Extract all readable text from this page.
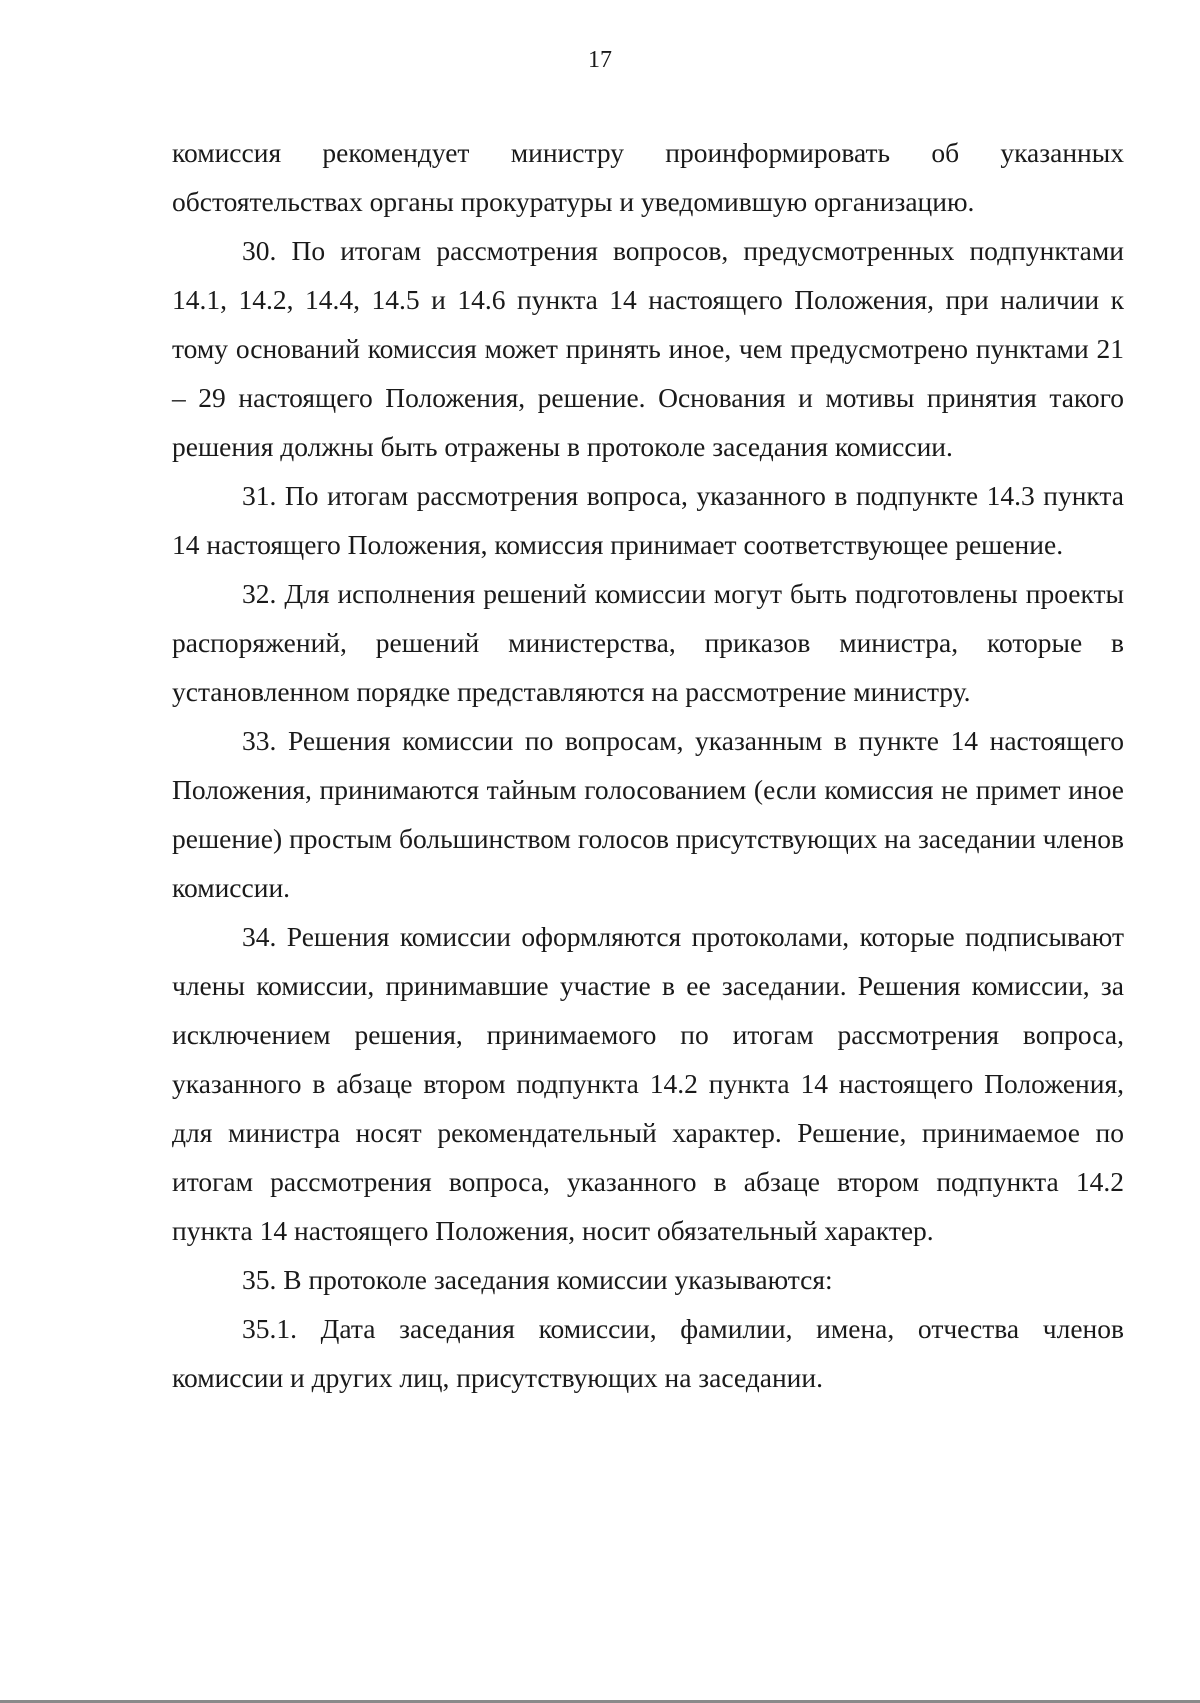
17

комиссия рекомендует министру проинформировать об указанных обстоятельствах органы прокуратуры и уведомившую организацию.

30. По итогам рассмотрения вопросов, предусмотренных подпунктами 14.1, 14.2, 14.4, 14.5 и 14.6 пункта 14 настоящего Положения, при наличии к тому оснований комиссия может принять иное, чем предусмотрено пунктами 21 – 29 настоящего Положения, решение. Основания и мотивы принятия такого решения должны быть отражены в протоколе заседания комиссии.

31. По итогам рассмотрения вопроса, указанного в подпункте 14.3 пункта 14 настоящего Положения, комиссия принимает соответствующее решение.

32. Для исполнения решений комиссии могут быть подготовлены проекты распоряжений, решений министерства, приказов министра, которые в установленном порядке представляются на рассмотрение министру.

33. Решения комиссии по вопросам, указанным в пункте 14 настоящего Положения, принимаются тайным голосованием (если комиссия не примет иное решение) простым большинством голосов присутствующих на заседании членов комиссии.

34. Решения комиссии оформляются протоколами, которые подписывают члены комиссии, принимавшие участие в ее заседании. Решения комиссии, за исключением решения, принимаемого по итогам рассмотрения вопроса, указанного в абзаце втором подпункта 14.2 пункта 14 настоящего Положения, для министра носят рекомендательный характер. Решение, принимаемое по итогам рассмотрения вопроса, указанного в абзаце втором подпункта 14.2 пункта 14 настоящего Положения, носит обязательный характер.

35. В протоколе заседания комиссии указываются:

35.1. Дата заседания комиссии, фамилии, имена, отчества членов комиссии и других лиц, присутствующих на заседании.
